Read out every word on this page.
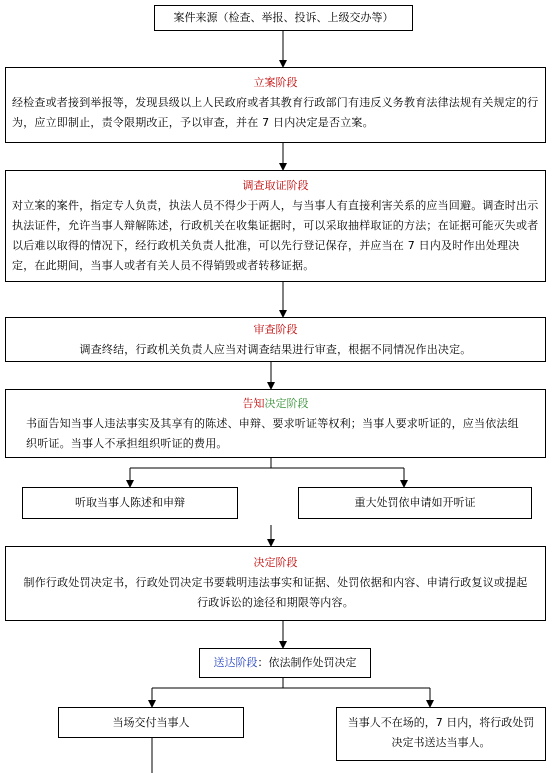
案件来源（检查、举报、投诉、上级交办等）
立案阶段
经检查或者接到举报等，发现县级以上人民政府或者其教育行政部门有违反义务教育法律法规有关规定的行为，应立即制止，责令限期改正，予以审查，并在 7 日内决定是否立案。
调查取证阶段
对立案的案件，指定专人负责，执法人员不得少于两人，与当事人有直接利害关系的应当回避。调查时出示执法证件，允许当事人辩解陈述，行政机关在收集证据时，可以采取抽样取证的方法；在证据可能灭失或者以后难以取得的情况下，经行政机关负责人批准，可以先行登记保存，并应当在 7 日内及时作出处理决定，在此期间，当事人或者有关人员不得销毁或者转移证据。
审查阶段
调查终结，行政机关负责人应当对调查结果进行审查，根据不同情况作出决定。
告知决定阶段
书面告知当事人违法事实及其享有的陈述、申辩、要求听证等权利；当事人要求听证的，应当依法组织听证。当事人不承担组织听证的费用。
听取当事人陈述和申辩	重大处罚依申请如开听证
决定阶段
制作行政处罚决定书，行政处罚决定书要载明违法事实和证据、处罚依据和内容、申请行政复议或提起行政诉讼的途径和期限等内容。
送达阶段：依法制作处罚决定
当场交付当事人	当事人不在场的，7 日内，将行政处罚决定书送达当事人。
